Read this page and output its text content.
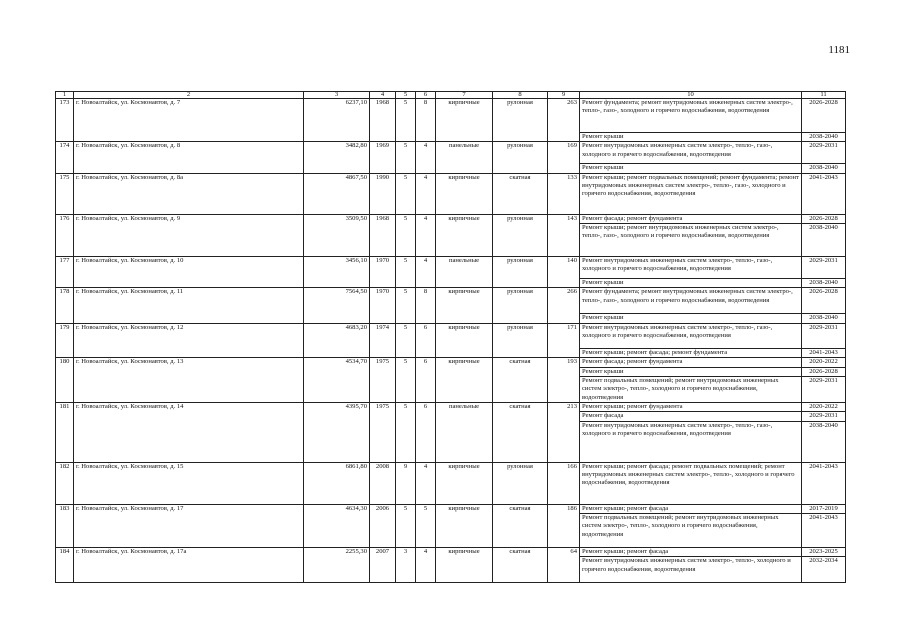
1181
1	2	3	4	5	6	7	8	9	10	11
173	г. Новоалтайск, ул. Космонавтов, д. 7	6237,10	1968	5	8	кирпичные	рулонная	263	Ремонт фундамента; ремонт внутридомовых инженерных систем электро-, тепло-, газо-, холодного и горячего водоснабжения, водоотведения	2026-2028
									Ремонт крыши	2038-2040
174	г. Новоалтайск, ул. Космонавтов, д. 8	3482,80	1969	5	4	панельные	рулонная	169	Ремонт внутридомовых инженерных систем электро-, тепло-, газо-, холодного и горячего водоснабжения, водоотведения	2029-2031
									Ремонт крыши	2038-2040
175	г. Новоалтайск, ул. Космонавтов, д. 8а	4867,50	1990	5	4	кирпичные	скатная	133	Ремонт крыши; ремонт подвальных помещений; ремонт фундамента; ремонт внутридомовых инженерных систем электро-, тепло-, газо-, холодного и горячего водоснабжения, водоотведения	2041-2043
176	г. Новоалтайск, ул. Космонавтов, д. 9	3509,50	1968	5	4	кирпичные	рулонная	143	Ремонт фасада; ремонт фундамента	2026-2028
									Ремонт крыши; ремонт внутридомовых инженерных систем электро-, тепло-, газо-, холодного и горячего водоснабжения, водоотведения	2038-2040
177	г. Новоалтайск, ул. Космонавтов, д. 10	3456,10	1970	5	4	панельные	рулонная	140	Ремонт внутридомовых инженерных систем электро-, тепло-, газо-, холодного и горячего водоснабжения, водоотведения	2029-2031
									Ремонт крыши	2038-2040
178	г. Новоалтайск, ул. Космонавтов, д. 11	7564,50	1970	5	8	кирпичные	рулонная	266	Ремонт фундамента; ремонт внутридомовых инженерных систем электро-, тепло-, газо-, холодного и горячего водоснабжения, водоотведения	2026-2028
									Ремонт крыши	2038-2040
179	г. Новоалтайск, ул. Космонавтов, д. 12	4683,20	1974	5	6	кирпичные	рулонная	171	Ремонт внутридомовых инженерных систем электро-, тепло-, газо-, холодного и горячего водоснабжения, водоотведения	2029-2031
									Ремонт крыши; ремонт фасада; ремонт фундамента	2041-2043
180	г. Новоалтайск, ул. Космонавтов, д. 13	4534,70	1975	5	6	кирпичные	скатная	193	Ремонт фасада; ремонт фундамента	2020-2022
									Ремонт крыши	2026-2028
									Ремонт подвальных помещений; ремонт внутридомовых инженерных систем электро-, тепло-, холодного и горячего водоснабжения, водоотведения	2029-2031
181	г. Новоалтайск, ул. Космонавтов, д. 14	4395,70	1975	5	6	панельные	скатная	213	Ремонт крыши; ремонт фундамента	2020-2022
									Ремонт фасада	2029-2031
									Ремонт внутридомовых инженерных систем электро-, тепло-, газо-, холодного и горячего водоснабжения, водоотведения	2038-2040
182	г. Новоалтайск, ул. Космонавтов, д. 15	6861,80	2008	9	4	кирпичные	рулонная	166	Ремонт крыши; ремонт фасада; ремонт подвальных помещений; ремонт внутридомовых инженерных систем электро-, тепло-, холодного и горячего водоснабжения, водоотведения	2041-2043
183	г. Новоалтайск, ул. Космонавтов, д. 17	4634,30	2006	5	5	кирпичные	скатная	186	Ремонт крыши; ремонт фасада	2017-2019
									Ремонт подвальных помещений; ремонт внутридомовых инженерных систем электро-, тепло-, холодного и горячего водоснабжения, водоотведения	2041-2043
184	г. Новоалтайск, ул. Космонавтов, д. 17а	2255,30	2007	3	4	кирпичные	скатная	64	Ремонт крыши; ремонт фасада	2023-2025
									Ремонт внутридомовых инженерных систем электро-, тепло-, холодного и горячего водоснабжения, водоотведения	2032-2034
